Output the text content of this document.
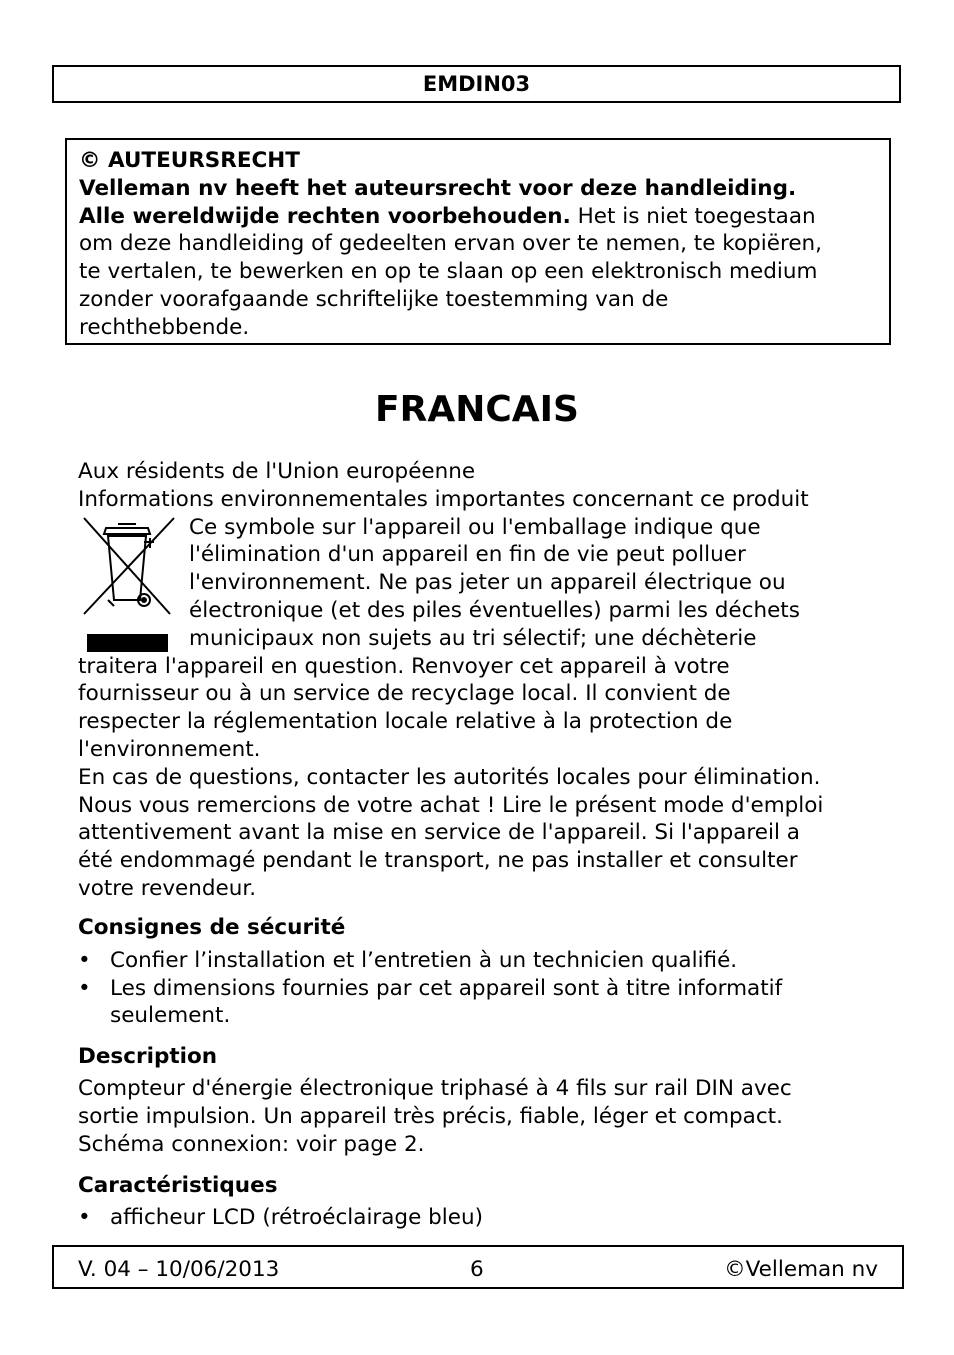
EMDIN03
© AUTEURSRECHT
Velleman nv heeft het auteursrecht voor deze handleiding.
Alle wereldwijde rechten voorbehouden. Het is niet toegestaan
om deze handleiding of gedeelten ervan over te nemen, te kopiëren,
te vertalen, te bewerken en op te slaan op een elektronisch medium
zonder voorafgaande schriftelijke toestemming van de
rechthebbende.
FRANCAIS
Aux résidents de l'Union européenne
Informations environnementales importantes concernant ce produit
Ce symbole sur l'appareil ou l'emballage indique que
l'élimination d'un appareil en fin de vie peut polluer
l'environnement. Ne pas jeter un appareil électrique ou
électronique (et des piles éventuelles) parmi les déchets
municipaux non sujets au tri sélectif; une déchèterie
traitera l'appareil en question. Renvoyer cet appareil à votre
fournisseur ou à un service de recyclage local. Il convient de
respecter la réglementation locale relative à la protection de
l'environnement.
En cas de questions, contacter les autorités locales pour élimination.
Nous vous remercions de votre achat ! Lire le présent mode d'emploi
attentivement avant la mise en service de l'appareil. Si l'appareil a
été endommagé pendant le transport, ne pas installer et consulter
votre revendeur.
Consignes de sécurité
• Confier l’installation et l’entretien à un technicien qualifié.
• Les dimensions fournies par cet appareil sont à titre informatif
seulement.
Description
Compteur d'énergie électronique triphasé à 4 fils sur rail DIN avec
sortie impulsion. Un appareil très précis, fiable, léger et compact.
Schéma connexion: voir page 2.
Caractéristiques
• afficheur LCD (rétroéclairage bleu)
V. 04 – 10/06/2013	6	©Velleman nv
